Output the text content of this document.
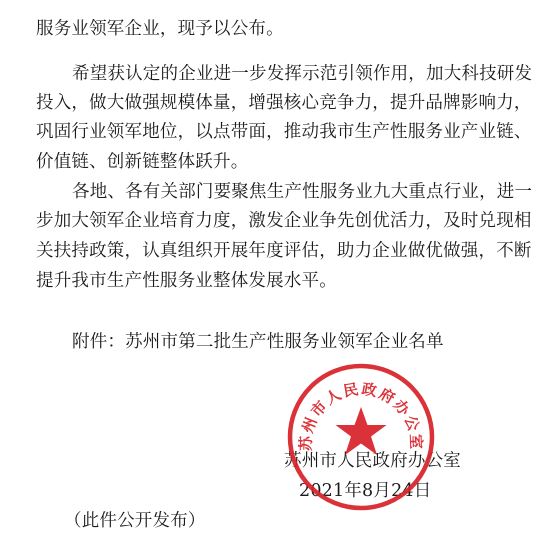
服务业领军企业，现予以公布。
希望获认定的企业进一步发挥示范引领作用，加大科技研发
投入，做大做强规模体量，增强核心竞争力，提升品牌影响力，
巩固行业领军地位，以点带面，推动我市生产性服务业产业链、
价值链、创新链整体跃升。
各地、各有关部门要聚焦生产性服务业九大重点行业，进一
步加大领军企业培育力度，激发企业争先创优活力，及时兑现相
关扶持政策，认真组织开展年度评估，助力企业做优做强，不断
提升我市生产性服务业整体发展水平。
附件：苏州市第二批生产性服务业领军企业名单
苏州市人民政府办公室
2021年8月24日
（此件公开发布）
苏州市人民政府办公室
